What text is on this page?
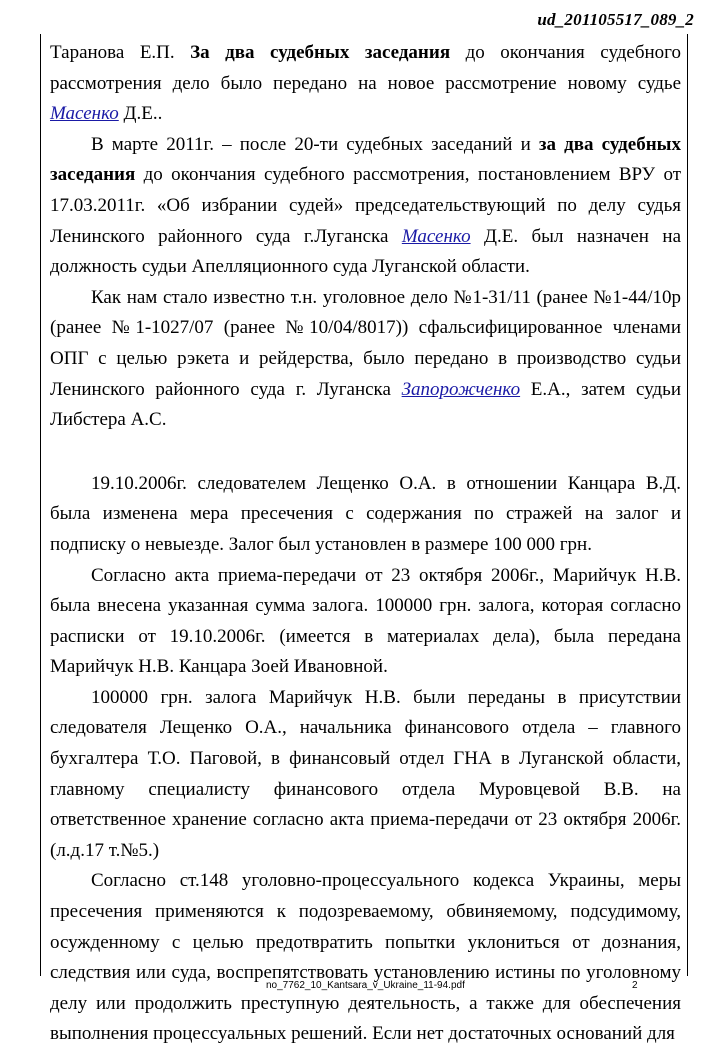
ud_201105517_089_2

Таранова Е.П. За два судебных заседания до окончания судебного рассмотрения дело было передано на новое рассмотрение новому судье Масенко Д.Е..

В марте 2011г. – после 20-ти судебных заседаний и за два судебных заседания до окончания судебного рассмотрения, постановлением ВРУ от 17.03.2011г. «Об избрании судей» председательствующий по делу судья Ленинского районного суда г.Луганска Масенко Д.Е. был назначен на должность судьи Апелляционного суда Луганской области.

Как нам стало известно т.н. уголовное дело №1-31/11 (ранее №1-44/10р (ранее №1-1027/07 (ранее №10/04/8017)) сфальсифицированное членами ОПГ с целью рэкета и рейдерства, было передано в производство судьи Ленинского районного суда г. Луганска Запорожченко Е.А., затем судьи Либстера А.С.

19.10.2006г. следователем Лещенко О.А. в отношении Канцара В.Д. была изменена мера пресечения с содержания по стражей на залог и подписку о невыезде. Залог был установлен в размере 100 000 грн.

Согласно акта приема-передачи от 23 октября 2006г., Марийчук Н.В. была внесена указанная сумма залога. 100000 грн. залога, которая согласно расписки от 19.10.2006г. (имеется в материалах дела), была передана Марийчук Н.В. Канцара Зоей Ивановной.

100000 грн. залога Марийчук Н.В. были переданы в присутствии следователя Лещенко О.А., начальника финансового отдела – главного бухгалтера Т.О. Паговой, в финансовый отдел ГНА в Луганской области, главному специалисту финансового отдела Муровцевой В.В. на ответственное хранение согласно акта приема-передачи от 23 октября 2006г. (л.д.17 т.№5.)

Согласно ст.148 уголовно-процессуального кодекса Украины, меры пресечения применяются к подозреваемому, обвиняемому, подсудимому, осужденному с целью предотвратить попытки уклониться от дознания, следствия или суда, воспрепятствовать установлению истины по уголовному делу или продолжить преступную деятельность, а также для обеспечения выполнения процессуальных решений. Если нет достаточных оснований для

no_7762_10_Kantsara_v_Ukraine_11-94.pdf	2
